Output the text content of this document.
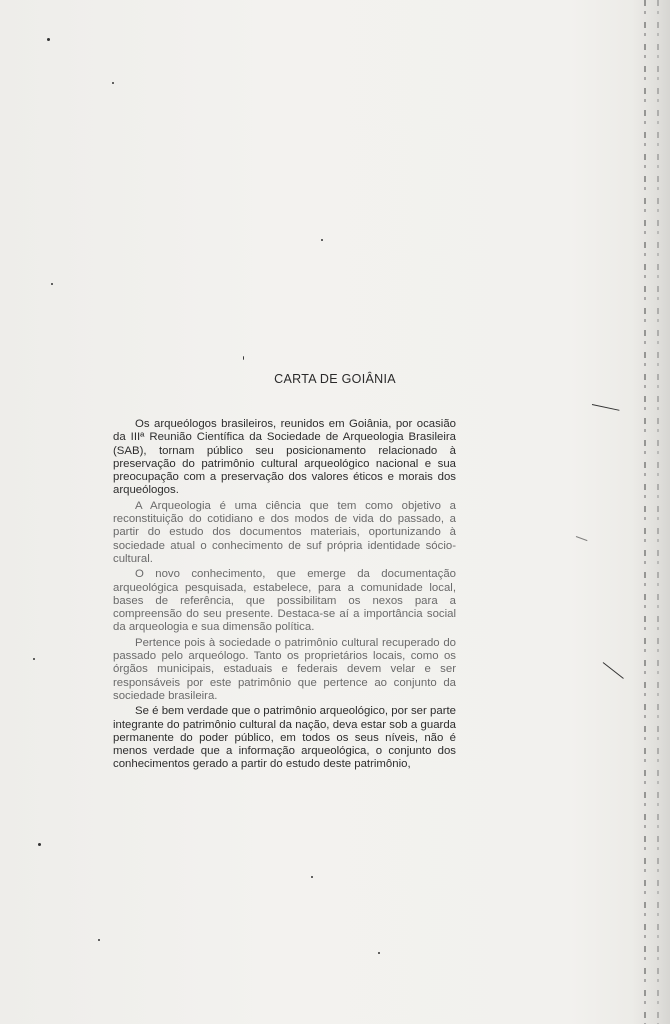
CARTA DE GOIÂNIA

Os arqueólogos brasileiros, reunidos em Goiânia, por ocasião da IIIª Reunião Científica da Sociedade de Arqueologia Brasileira (SAB), tornam público seu posicionamento relacionado à preservação do patrimônio cultural arqueológico nacional e sua preocupação com a preservação dos valores éticos e morais dos arqueólogos.

A Arqueologia é uma ciência que tem como objetivo a reconstituição do cotidiano e dos modos de vida do passado, a partir do estudo dos documentos materiais, oportunizando à sociedade atual o conhecimento de suf própria identidade sócio-cultural.

O novo conhecimento, que emerge da documentação arqueológica pesquisada, estabelece, para a comunidade local, bases de referência, que possibilitam os nexos para a compreensão do seu presente. Destaca-se aí a importância social da arqueologia e sua dimensão política.

Pertence pois à sociedade o patrimônio cultural recuperado do passado pelo arqueólogo. Tanto os proprietários locais, como os órgãos municipais, estaduais e federais devem velar e ser responsáveis por este patrimônio que pertence ao conjunto da sociedade brasileira.

Se é bem verdade que o patrimônio arqueológico, por ser parte integrante do patrimônio cultural da nação, deva estar sob a guarda permanente do poder público, em todos os seus níveis, não é menos verdade que a informação arqueológica, o conjunto dos conhecimentos gerado a partir do estudo deste patrimônio,
